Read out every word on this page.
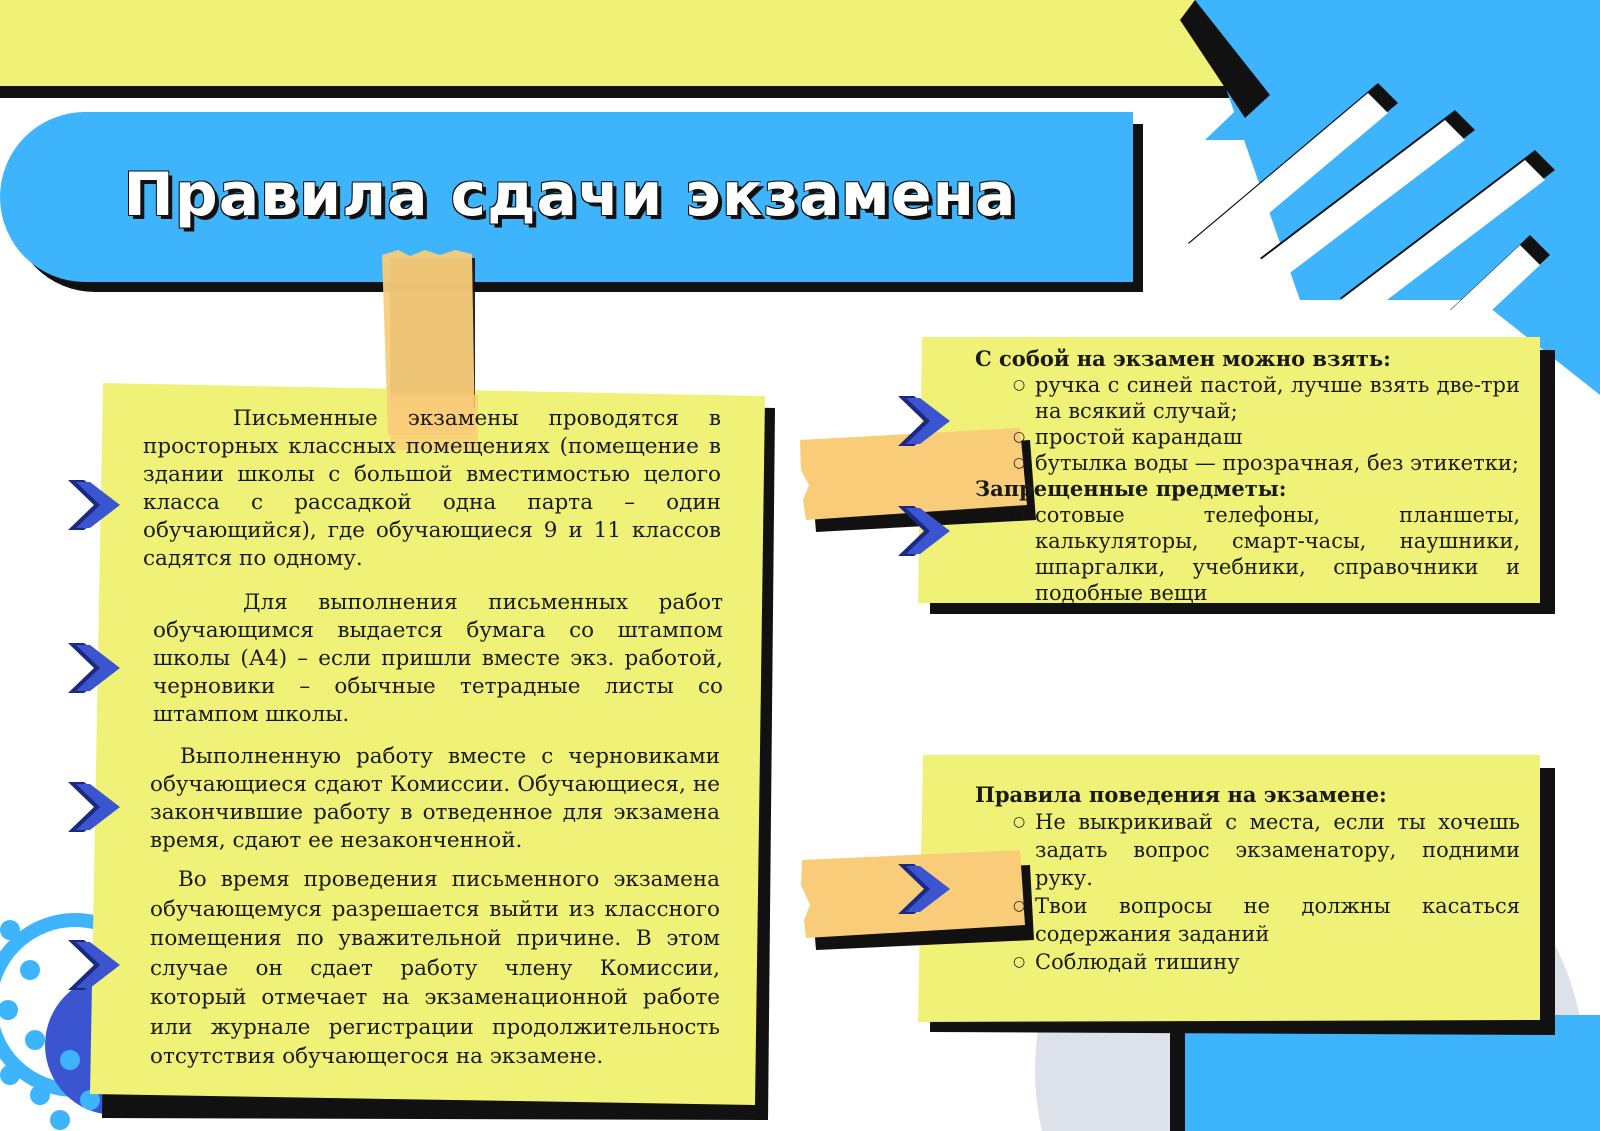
Правила сдачи экзамена

Письменные экзамены проводятся в просторных классных помещениях (помещение в здании школы с большой вместимостью целого класса с рассадкой одна парта – один обучающийся), где обучающиеся 9 и 11 классов садятся по одному.

Для выполнения письменных работ обучающимся выдается бумага со штампом школы (А4) – если пришли вместе экз. работой, черновики – обычные тетрадные листы со штампом школы.

Выполненную работу вместе с черновиками обучающиеся сдают Комиссии. Обучающиеся, не закончившие работу в отведенное для экзамена время, сдают ее незаконченной.

Во время проведения письменного экзамена обучающемуся разрешается выйти из классного помещения по уважительной причине. В этом случае он сдает работу члену Комиссии, который отмечает на экзаменационной работе или журнале регистрации продолжительность отсутствия обучающегося на экзамене.

С собой на экзамен можно взять:
○ ручка с синей пастой, лучше взять две-три на всякий случай;
○ простой карандаш
○ бутылка воды — прозрачная, без этикетки;
Запрещенные предметы:
○ сотовые телефоны, планшеты, калькуляторы, смарт-часы, наушники, шпаргалки, учебники, справочники и подобные вещи
Правила поведения на экзамене:
○ Не выкрикивай с места, если ты хочешь задать вопрос экзаменатору, подними руку.
○ Твои вопросы не должны касаться содержания заданий
○ Соблюдай тишину
